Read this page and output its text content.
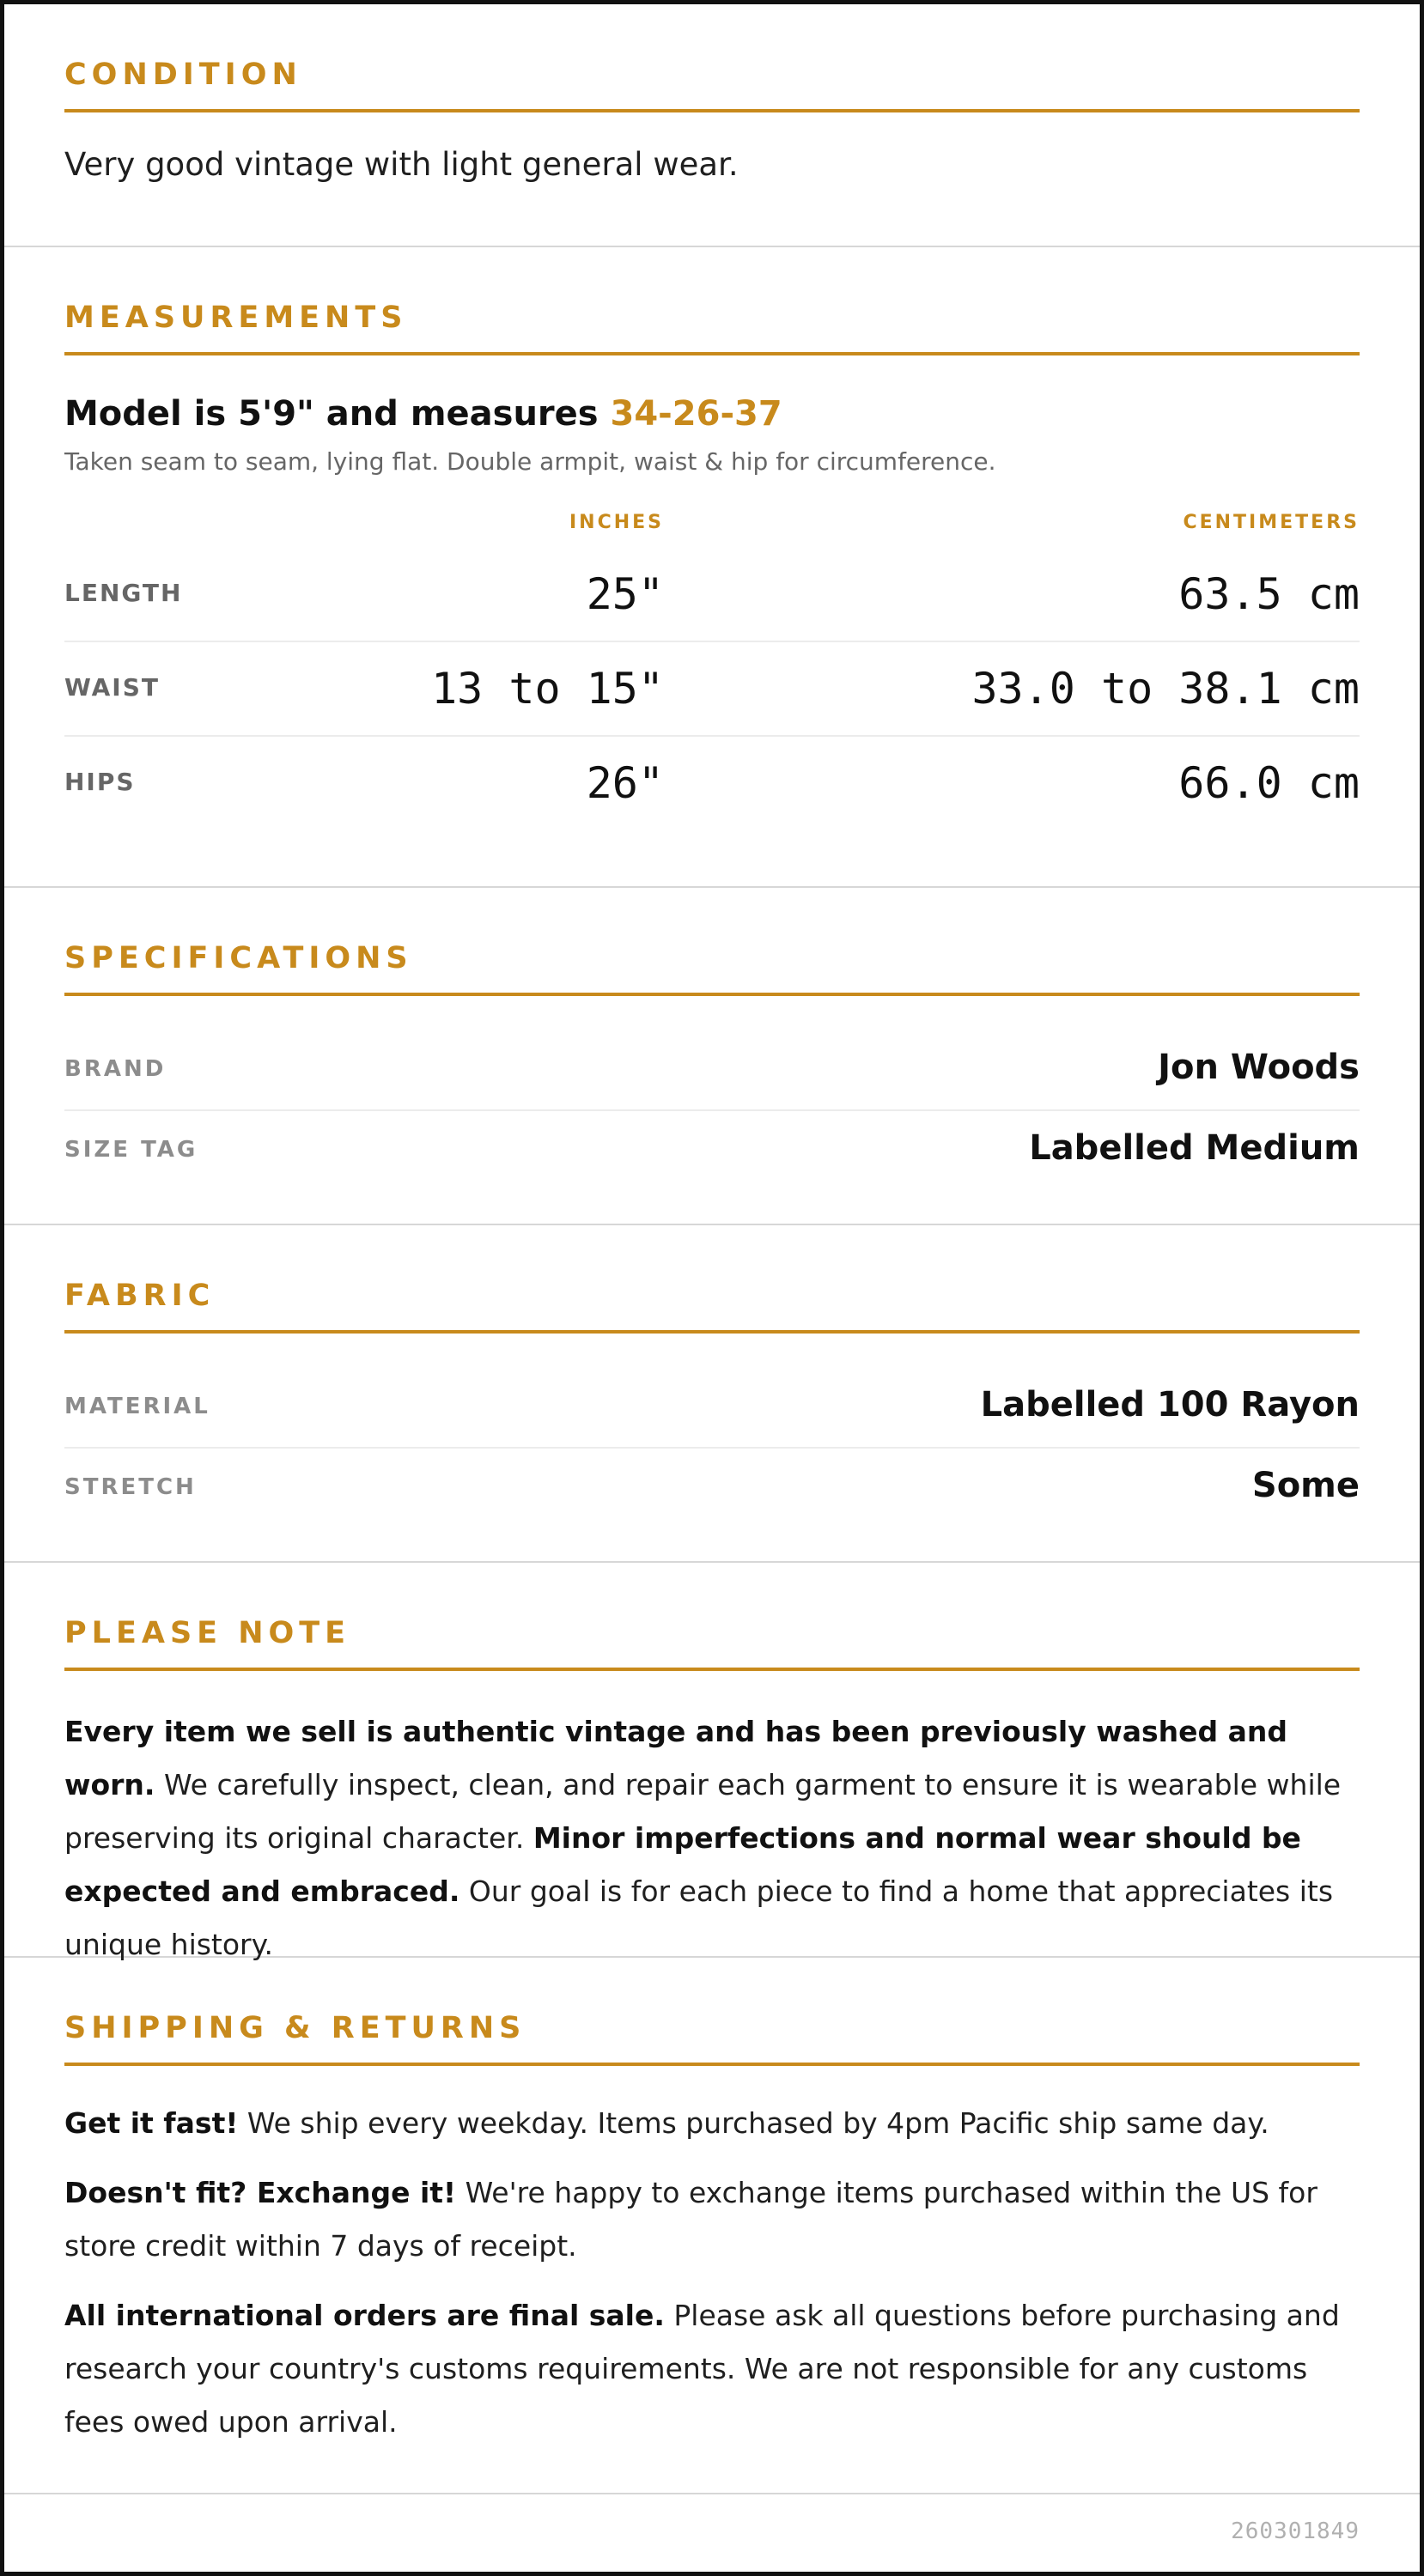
CONDITION

Very good vintage with light general wear.

MEASUREMENTS
Model is 5'9" and measures 34-26-37
Taken seam to seam, lying flat. Double armpit, waist & hip for circumference.
INCHES	CENTIMETERS
LENGTH	25"	63.5 cm
WAIST	13 to 15"	33.0 to 38.1 cm
HIPS	26"	66.0 cm
SPECIFICATIONS
BRAND	Jon Woods
SIZE TAG	Labelled Medium
FABRIC
MATERIAL	Labelled 100 Rayon
STRETCH	Some
PLEASE NOTE

Every item we sell is authentic vintage and has been previously washed and worn. We carefully inspect, clean, and repair each garment to ensure it is wearable while preserving its original character. Minor imperfections and normal wear should be expected and embraced. Our goal is for each piece to find a home that appreciates its unique history.

SHIPPING & RETURNS

Get it fast! We ship every weekday. Items purchased by 4pm Pacific ship same day.

Doesn't fit? Exchange it! We're happy to exchange items purchased within the US for store credit within 7 days of receipt.

All international orders are final sale. Please ask all questions before purchasing and research your country's customs requirements. We are not responsible for any customs fees owed upon arrival.

260301849
